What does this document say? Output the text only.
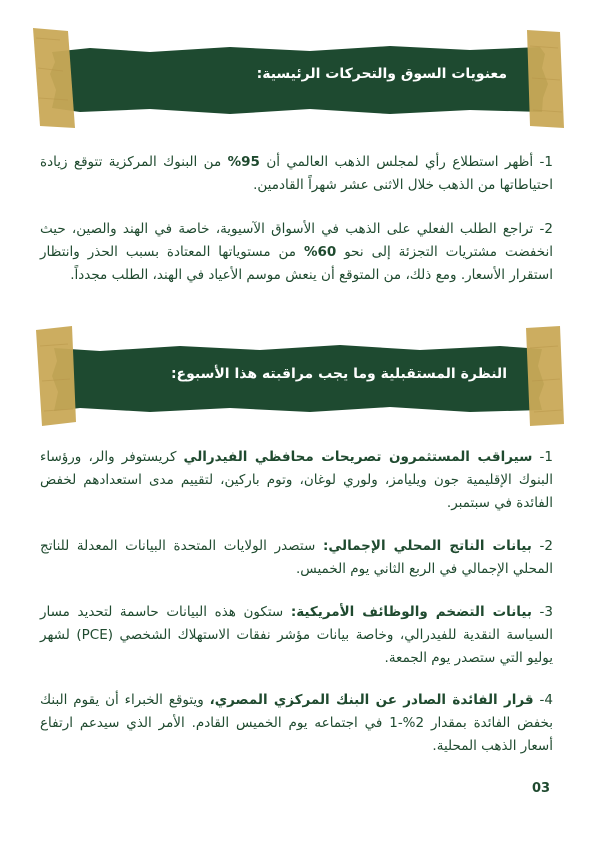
معنويات السوق والتحركات الرئيسية:
1- أظهر استطلاع رأي لمجلس الذهب العالمي أن 95% من البنوك المركزية تتوقع زيادة احتياطاتها من الذهب خلال الاثنى عشر شهراً القادمين.
2- تراجع الطلب الفعلي على الذهب في الأسواق الآسيوية، خاصة في الهند والصين، حيث انخفضت مشتريات التجزئة إلى نحو 60% من مستوياتها المعتادة بسبب الحذر وانتظار استقرار الأسعار. ومع ذلك، من المتوقع أن ينعش موسم الأعياد في الهند، الطلب مجدداً.
النظرة المستقبلية وما يجب مراقبته هذا الأسبوع:
1- سيراقب المستثمرون تصريحات محافظي الفيدرالي كريستوفر والر، ورؤساء البنوك الإقليمية جون ويليامز، ولوري لوغان، وتوم باركين، لتقييم مدى استعدادهم لخفض الفائدة في سبتمبر.
2- بيانات الناتج المحلي الإجمالي: ستصدر الولايات المتحدة البيانات المعدلة للناتج المحلي الإجمالي في الربع الثاني يوم الخميس.
3- بيانات التضخم والوظائف الأمريكية: ستكون هذه البيانات حاسمة لتحديد مسار السياسة النقدية للفيدرالي، وخاصة بيانات مؤشر نفقات الاستهلاك الشخصي (PCE) لشهر يوليو التي ستصدر يوم الجمعة.
4- قرار الفائدة الصادر عن البنك المركزي المصري، ويتوقع الخبراء أن يقوم البنك بخفض الفائدة بمقدار 2%-1 في اجتماعه يوم الخميس القادم. الأمر الذي سيدعم ارتفاع أسعار الذهب المحلية.
03
